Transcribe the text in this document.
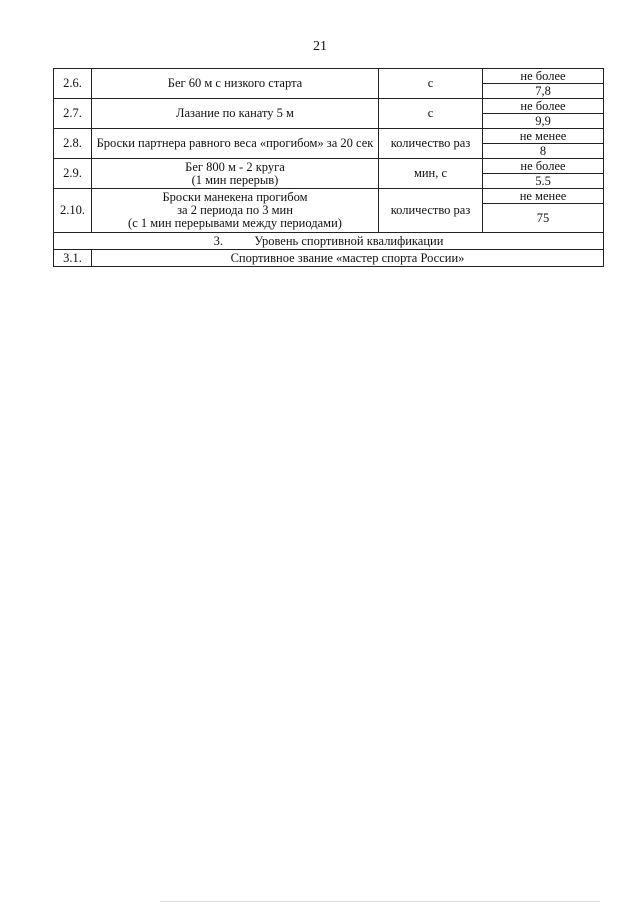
21
2.6.	Бег 60 м с низкого старта	с	не более
			7,8
2.7.	Лазание по канату 5 м	с	не более
			9,9
2.8.	Броски партнера равного веса «прогибом» за 20 сек	количество раз	не менее
			8
2.9.	Бег 800 м - 2 круга
(1 мин перерыв)	мин, с	не более
			5.5
2.10.	Броски манекена прогибом
за 2 периода по 3 мин
(с 1 мин перерывами между периодами)	количество раз	не менее
			75
3. Уровень спортивной квалификации			
3.1.	Спортивное звание «мастер спорта России»		
